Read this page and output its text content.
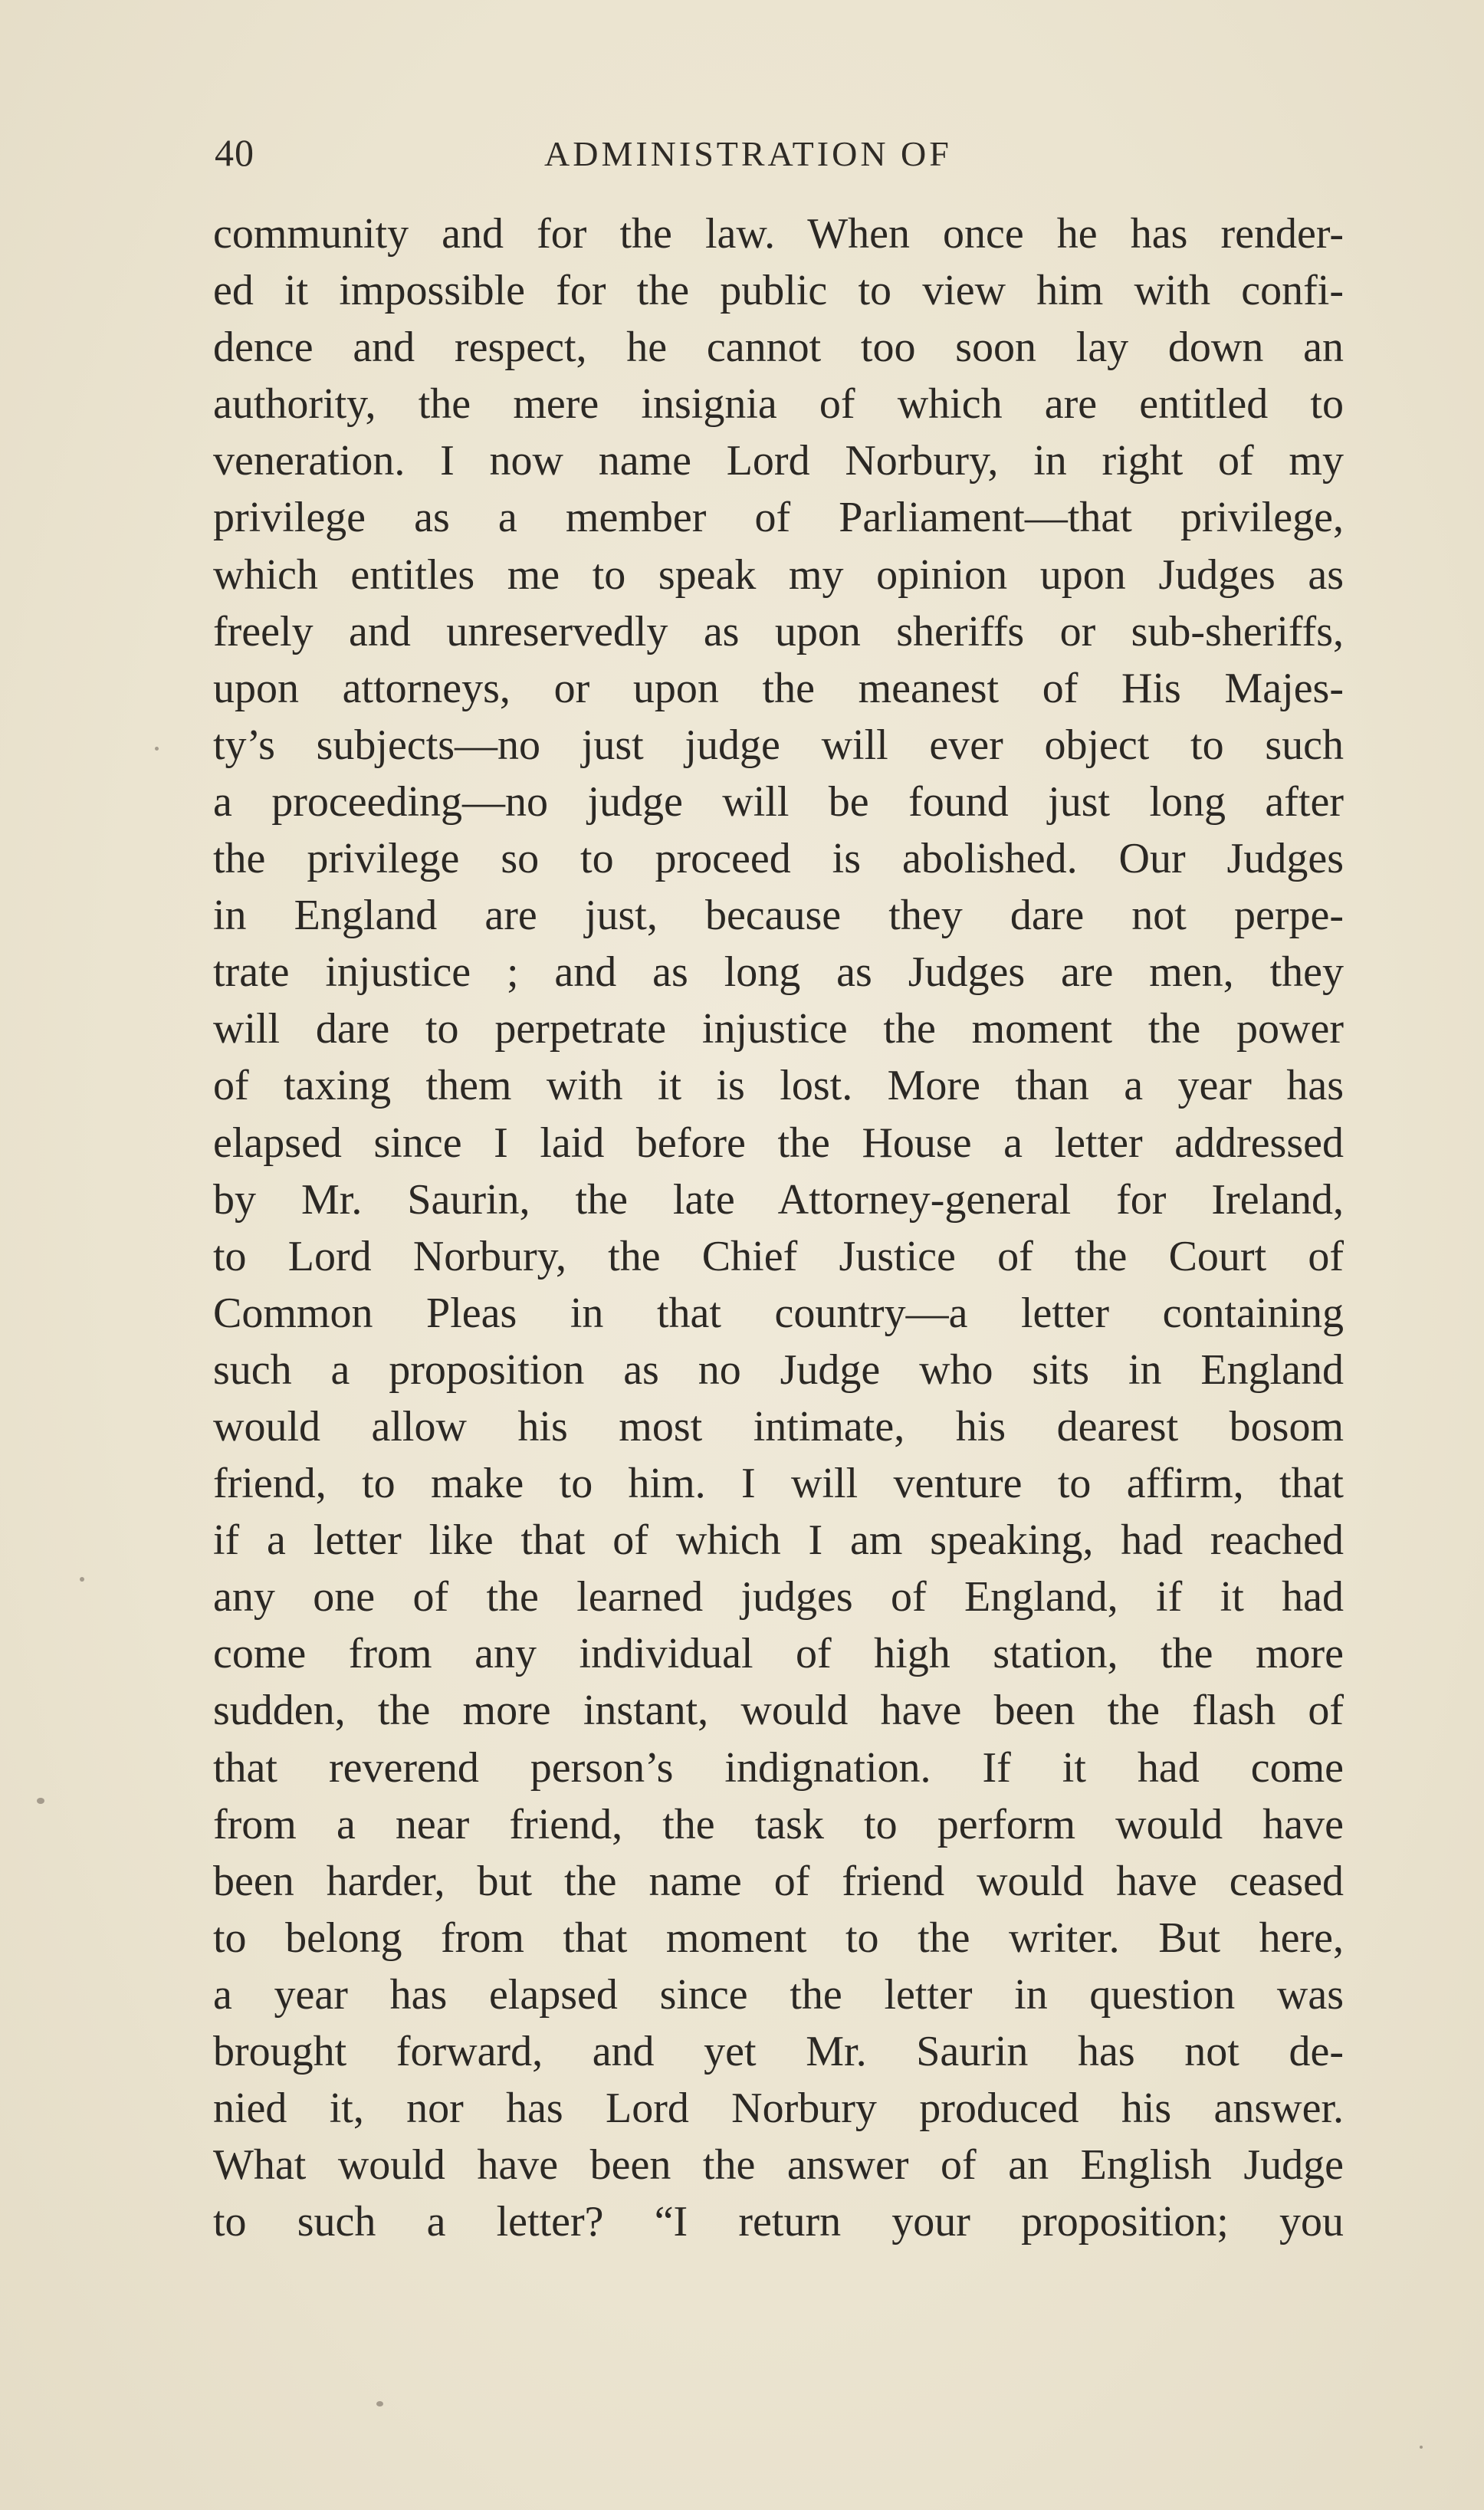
40	ADMINISTRATION OF
community and for the law. When once he has render-
ed it impossible for the public to view him with confi-
dence and respect, he cannot too soon lay down an
authority, the mere insignia of which are entitled to
veneration. I now name Lord Norbury, in right of my
privilege as a member of Parliament—that privilege,
which entitles me to speak my opinion upon Judges as
freely and unreservedly as upon sheriffs or sub-sheriffs,
upon attorneys, or upon the meanest of His Majes-
ty’s subjects—no just judge will ever object to such
a proceeding—no judge will be found just long after
the privilege so to proceed is abolished. Our Judges
in England are just, because they dare not perpe-
trate injustice ; and as long as Judges are men, they
will dare to perpetrate injustice the moment the power
of taxing them with it is lost. More than a year has
elapsed since I laid before the House a letter addressed
by Mr. Saurin, the late Attorney-general for Ireland,
to Lord Norbury, the Chief Justice of the Court of
Common Pleas in that country—a letter containing
such a proposition as no Judge who sits in England
would allow his most intimate, his dearest bosom
friend, to make to him. I will venture to affirm, that
if a letter like that of which I am speaking, had reached
any one of the learned judges of England, if it had
come from any individual of high station, the more
sudden, the more instant, would have been the flash of
that reverend person’s indignation. If it had come
from a near friend, the task to perform would have
been harder, but the name of friend would have ceased
to belong from that moment to the writer. But here,
a year has elapsed since the letter in question was
brought forward, and yet Mr. Saurin has not de-
nied it, nor has Lord Norbury produced his answer.
What would have been the answer of an English Judge
to such a letter? “I return your proposition; you
